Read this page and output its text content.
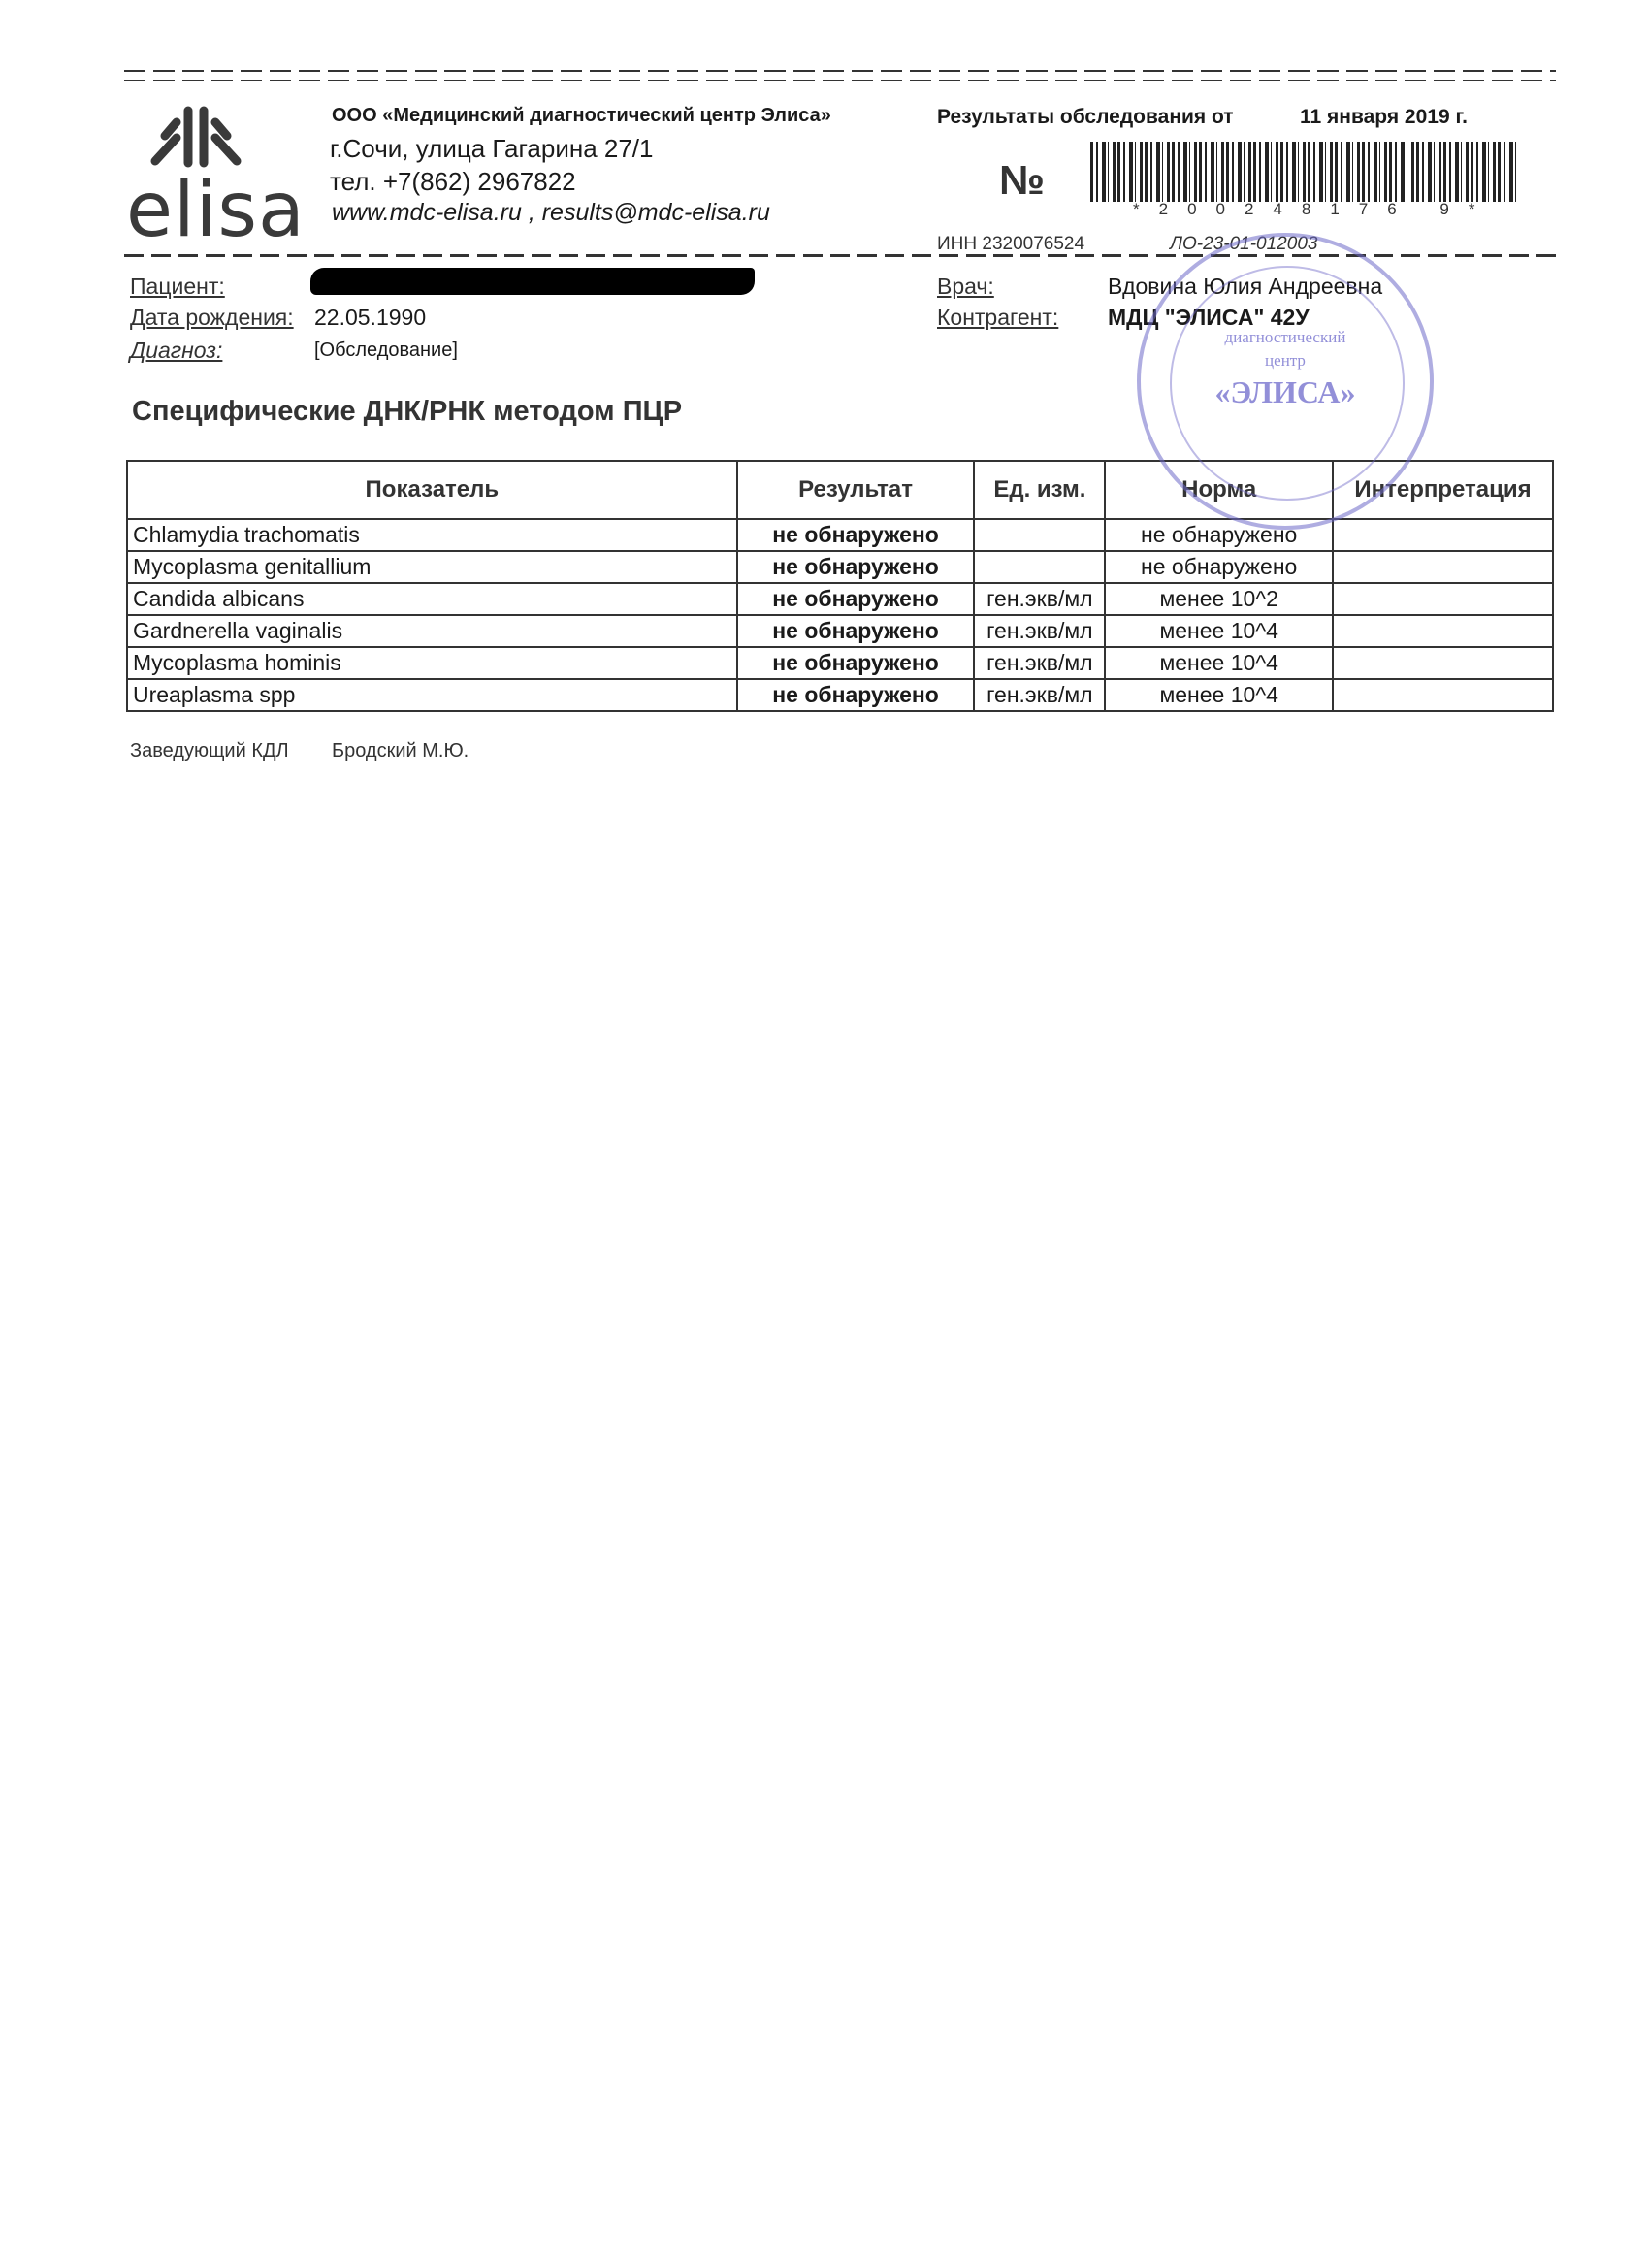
elisa
ООО «Медицинский диагностический центр Элиса»
г.Сочи, улица Гагарина 27/1
тел. +7(862) 2967822
www.mdc-elisa.ru , results@mdc-elisa.ru
Результаты обследования от	11 января 2019 г.
№
*200248176 9*
ИНН 2320076524	ЛО-23-01-012003
Пациент:
Дата рождения: 22.05.1990
Диагноз:	[Обследование]
Врач:	Вдовина Юлия Андреевна
Контрагент: МДЦ "ЭЛИСА" 42У
Специфические ДНК/РНК методом ПЦР
Показатель	Результат	Ед. изм.	Норма	Интерпретация
Chlamydia trachomatis	не обнаружено		не обнаружено	
Mycoplasma genitallium	не обнаружено		не обнаружено	
Candida albicans	не обнаружено	ген.экв/мл	менее 10^2	
Gardnerella vaginalis	не обнаружено	ген.экв/мл	менее 10^4	
Mycoplasma hominis	не обнаружено	ген.экв/мл	менее 10^4	
Ureaplasma spp	не обнаружено	ген.экв/мл	менее 10^4	
Заведующий КДЛ Бродский М.Ю.
диагностический
центр
«ЭЛИСА»
